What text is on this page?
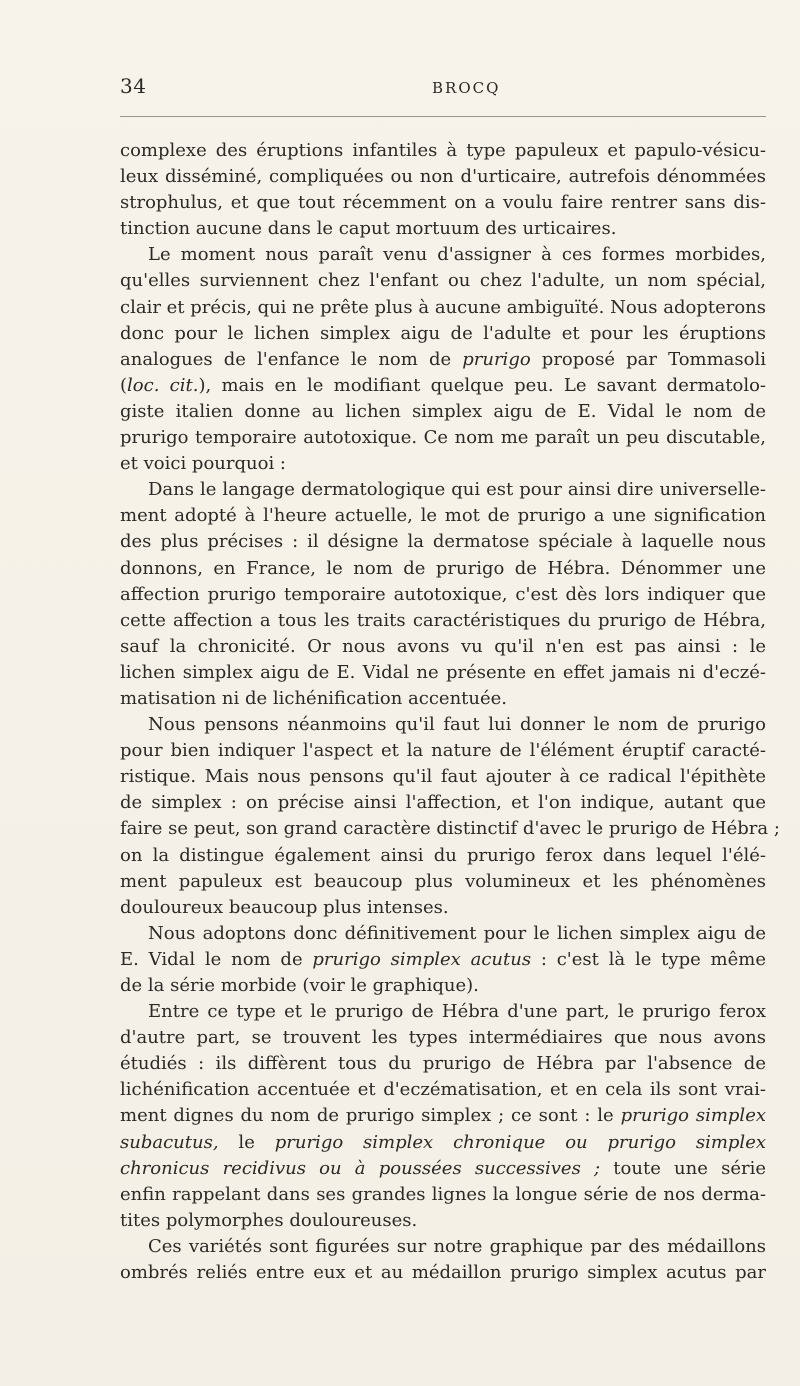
34	BROCQ
complexe des éruptions infantiles à type papuleux et papulo-vésicu-
leux disséminé, compliquées ou non d'urticaire, autrefois dénommées
strophulus, et que tout récemment on a voulu faire rentrer sans dis-
tinction aucune dans le caput mortuum des urticaires.
Le moment nous paraît venu d'assigner à ces formes morbides,
qu'elles surviennent chez l'enfant ou chez l'adulte, un nom spécial,
clair et précis, qui ne prête plus à aucune ambiguïté. Nous adopterons
donc pour le lichen simplex aigu de l'adulte et pour les éruptions
analogues de l'enfance le nom de prurigo proposé par Tommasoli
(loc. cit.), mais en le modifiant quelque peu. Le savant dermatolo-
giste italien donne au lichen simplex aigu de E. Vidal le nom de
prurigo temporaire autotoxique. Ce nom me paraît un peu discutable,
et voici pourquoi :
Dans le langage dermatologique qui est pour ainsi dire universelle-
ment adopté à l'heure actuelle, le mot de prurigo a une signification
des plus précises : il désigne la dermatose spéciale à laquelle nous
donnons, en France, le nom de prurigo de Hébra. Dénommer une
affection prurigo temporaire autotoxique, c'est dès lors indiquer que
cette affection a tous les traits caractéristiques du prurigo de Hébra,
sauf la chronicité. Or nous avons vu qu'il n'en est pas ainsi : le
lichen simplex aigu de E. Vidal ne présente en effet jamais ni d'eczé-
matisation ni de lichénification accentuée.
Nous pensons néanmoins qu'il faut lui donner le nom de prurigo
pour bien indiquer l'aspect et la nature de l'élément éruptif caracté-
ristique. Mais nous pensons qu'il faut ajouter à ce radical l'épithète
de simplex : on précise ainsi l'affection, et l'on indique, autant que
faire se peut, son grand caractère distinctif d'avec le prurigo de Hébra ;
on la distingue également ainsi du prurigo ferox dans lequel l'élé-
ment papuleux est beaucoup plus volumineux et les phénomènes
douloureux beaucoup plus intenses.
Nous adoptons donc définitivement pour le lichen simplex aigu de
E. Vidal le nom de prurigo simplex acutus : c'est là le type même
de la série morbide (voir le graphique).
Entre ce type et le prurigo de Hébra d'une part, le prurigo ferox
d'autre part, se trouvent les types intermédiaires que nous avons
étudiés : ils diffèrent tous du prurigo de Hébra par l'absence de
lichénification accentuée et d'eczématisation, et en cela ils sont vrai-
ment dignes du nom de prurigo simplex ; ce sont : le prurigo simplex
subacutus, le prurigo simplex chronique ou prurigo simplex
chronicus recidivus ou à poussées successives ; toute une série
enfin rappelant dans ses grandes lignes la longue série de nos derma-
tites polymorphes douloureuses.
Ces variétés sont figurées sur notre graphique par des médaillons
ombrés reliés entre eux et au médaillon prurigo simplex acutus par
